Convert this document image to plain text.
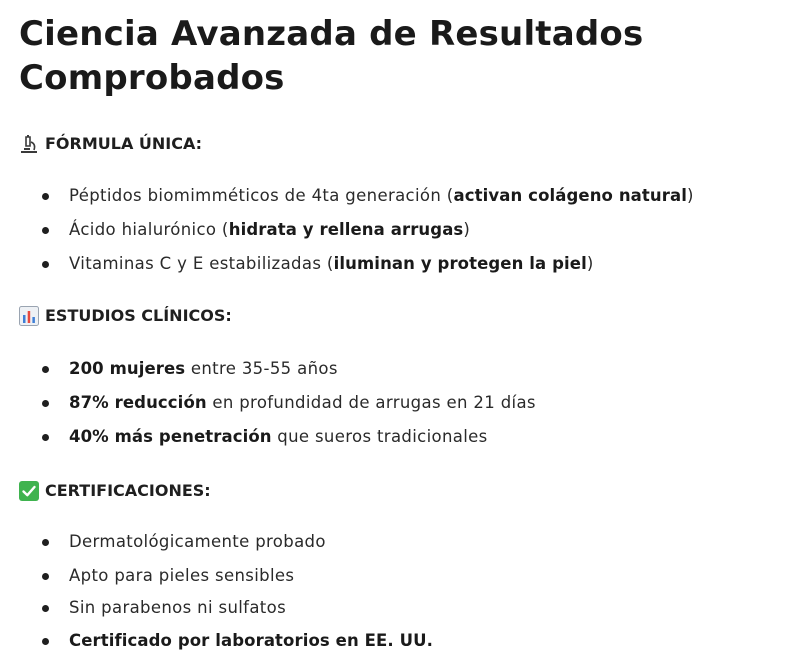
Ciencia Avanzada de Resultados Comprobados
FÓRMULA ÚNICA:
Péptidos biomimméticos de 4ta generación (activan colágeno natural)
Ácido hialurónico (hidrata y rellena arrugas)
Vitaminas C y E estabilizadas (iluminan y protegen la piel)
ESTUDIOS CLÍNICOS:
200 mujeres entre 35-55 años
87% reducción en profundidad de arrugas en 21 días
40% más penetración que sueros tradicionales
CERTIFICACIONES:
Dermatológicamente probado
Apto para pieles sensibles
Sin parabenos ni sulfatos
Certificado por laboratorios en EE. UU.
